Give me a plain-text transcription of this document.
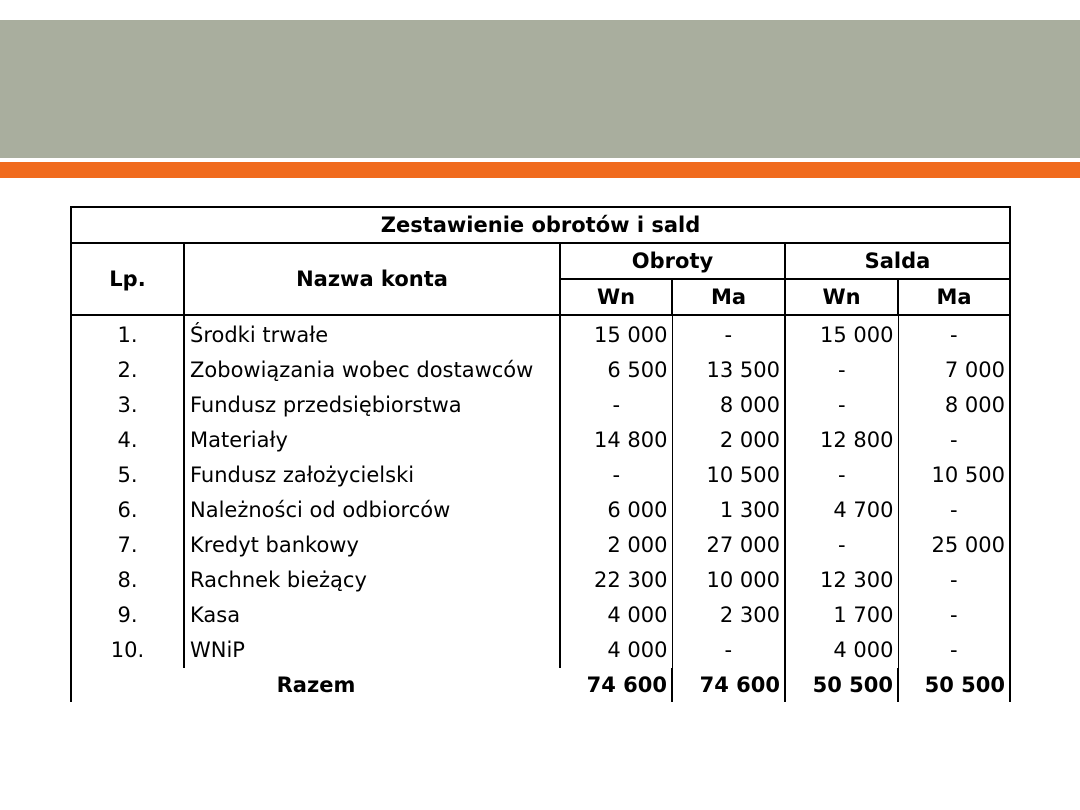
Zestawienie obrotów i sald					
Lp.	Nazwa konta	Obroty		Salda	
		Wn	Ma	Wn	Ma
1.	Środki trwałe	15 000	-	15 000	-
2.	Zobowiązania wobec dostawców	6 500	13 500	-	7 000
3.	Fundusz przedsiębiorstwa	-	8 000	-	8 000
4.	Materiały	14 800	2 000	12 800	-
5.	Fundusz założycielski	-	10 500	-	10 500
6.	Należności od odbiorców	6 000	1 300	4 700	-
7.	Kredyt bankowy	2 000	27 000	-	25 000
8.	Rachnek bieżący	22 300	10 000	12 300	-
9.	Kasa	4 000	2 300	1 700	-
10.	WNiP	4 000	-	4 000	-
Razem		74 600	74 600	50 500	50 500
